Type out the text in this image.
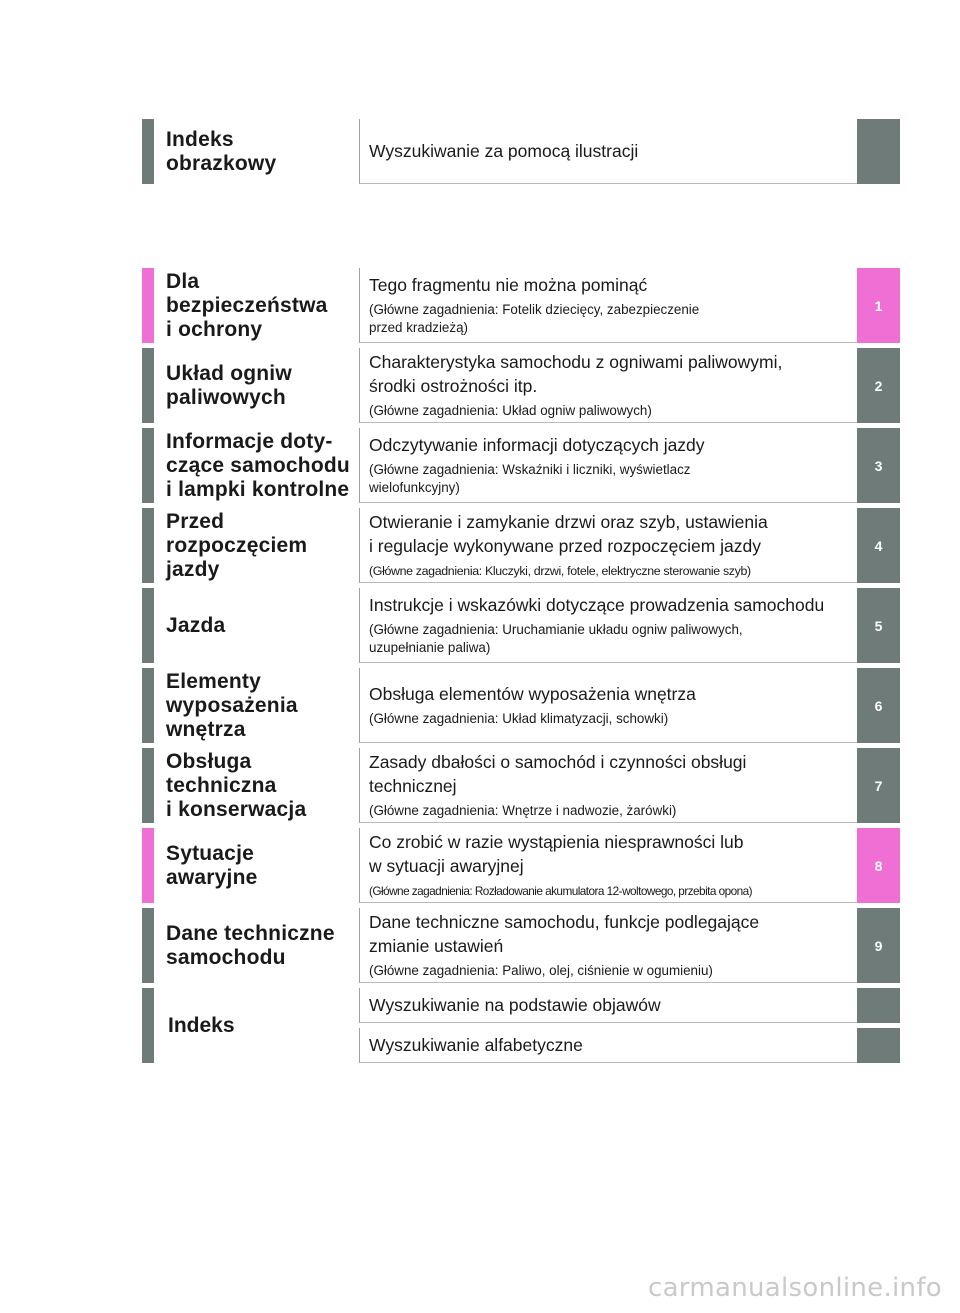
Indeks
obrazkowy
Wyszukiwanie za pomocą ilustracji
Dla
bezpieczeństwa
i ochrony
Tego fragmentu nie można pominąć
(Główne zagadnienia: Fotelik dziecięcy, zabezpieczenie
przed kradzieżą)
1
Układ ogniw
paliwowych
Charakterystyka samochodu z ogniwami paliwowymi,
środki ostrożności itp.
(Główne zagadnienia: Układ ogniw paliwowych)
2
Informacje doty-
czące samochodu
i lampki kontrolne
Odczytywanie informacji dotyczących jazdy
(Główne zagadnienia: Wskaźniki i liczniki, wyświetlacz
wielofunkcyjny)
3
Przed
rozpoczęciem
jazdy
Otwieranie i zamykanie drzwi oraz szyb, ustawienia
i regulacje wykonywane przed rozpoczęciem jazdy
(Główne zagadnienia: Kluczyki, drzwi, fotele, elektryczne sterowanie szyb)
4
Jazda
Instrukcje i wskazówki dotyczące prowadzenia samochodu
(Główne zagadnienia: Uruchamianie układu ogniw paliwowych,
uzupełnianie paliwa)
5
Elementy
wyposażenia
wnętrza
Obsługa elementów wyposażenia wnętrza
(Główne zagadnienia: Układ klimatyzacji, schowki)
6
Obsługa
techniczna
i konserwacja
Zasady dbałości o samochód i czynności obsługi
technicznej
(Główne zagadnienia: Wnętrze i nadwozie, żarówki)
7
Sytuacje
awaryjne
Co zrobić w razie wystąpienia niesprawności lub
w sytuacji awaryjnej
(Główne zagadnienia: Rozładowanie akumulatora 12-woltowego, przebita opona)
8
Dane techniczne
samochodu
Dane techniczne samochodu, funkcje podlegające
zmianie ustawień
(Główne zagadnienia: Paliwo, olej, ciśnienie w ogumieniu)
9
Indeks
Wyszukiwanie na podstawie objawów
Wyszukiwanie alfabetyczne
carmanualsonline.info
